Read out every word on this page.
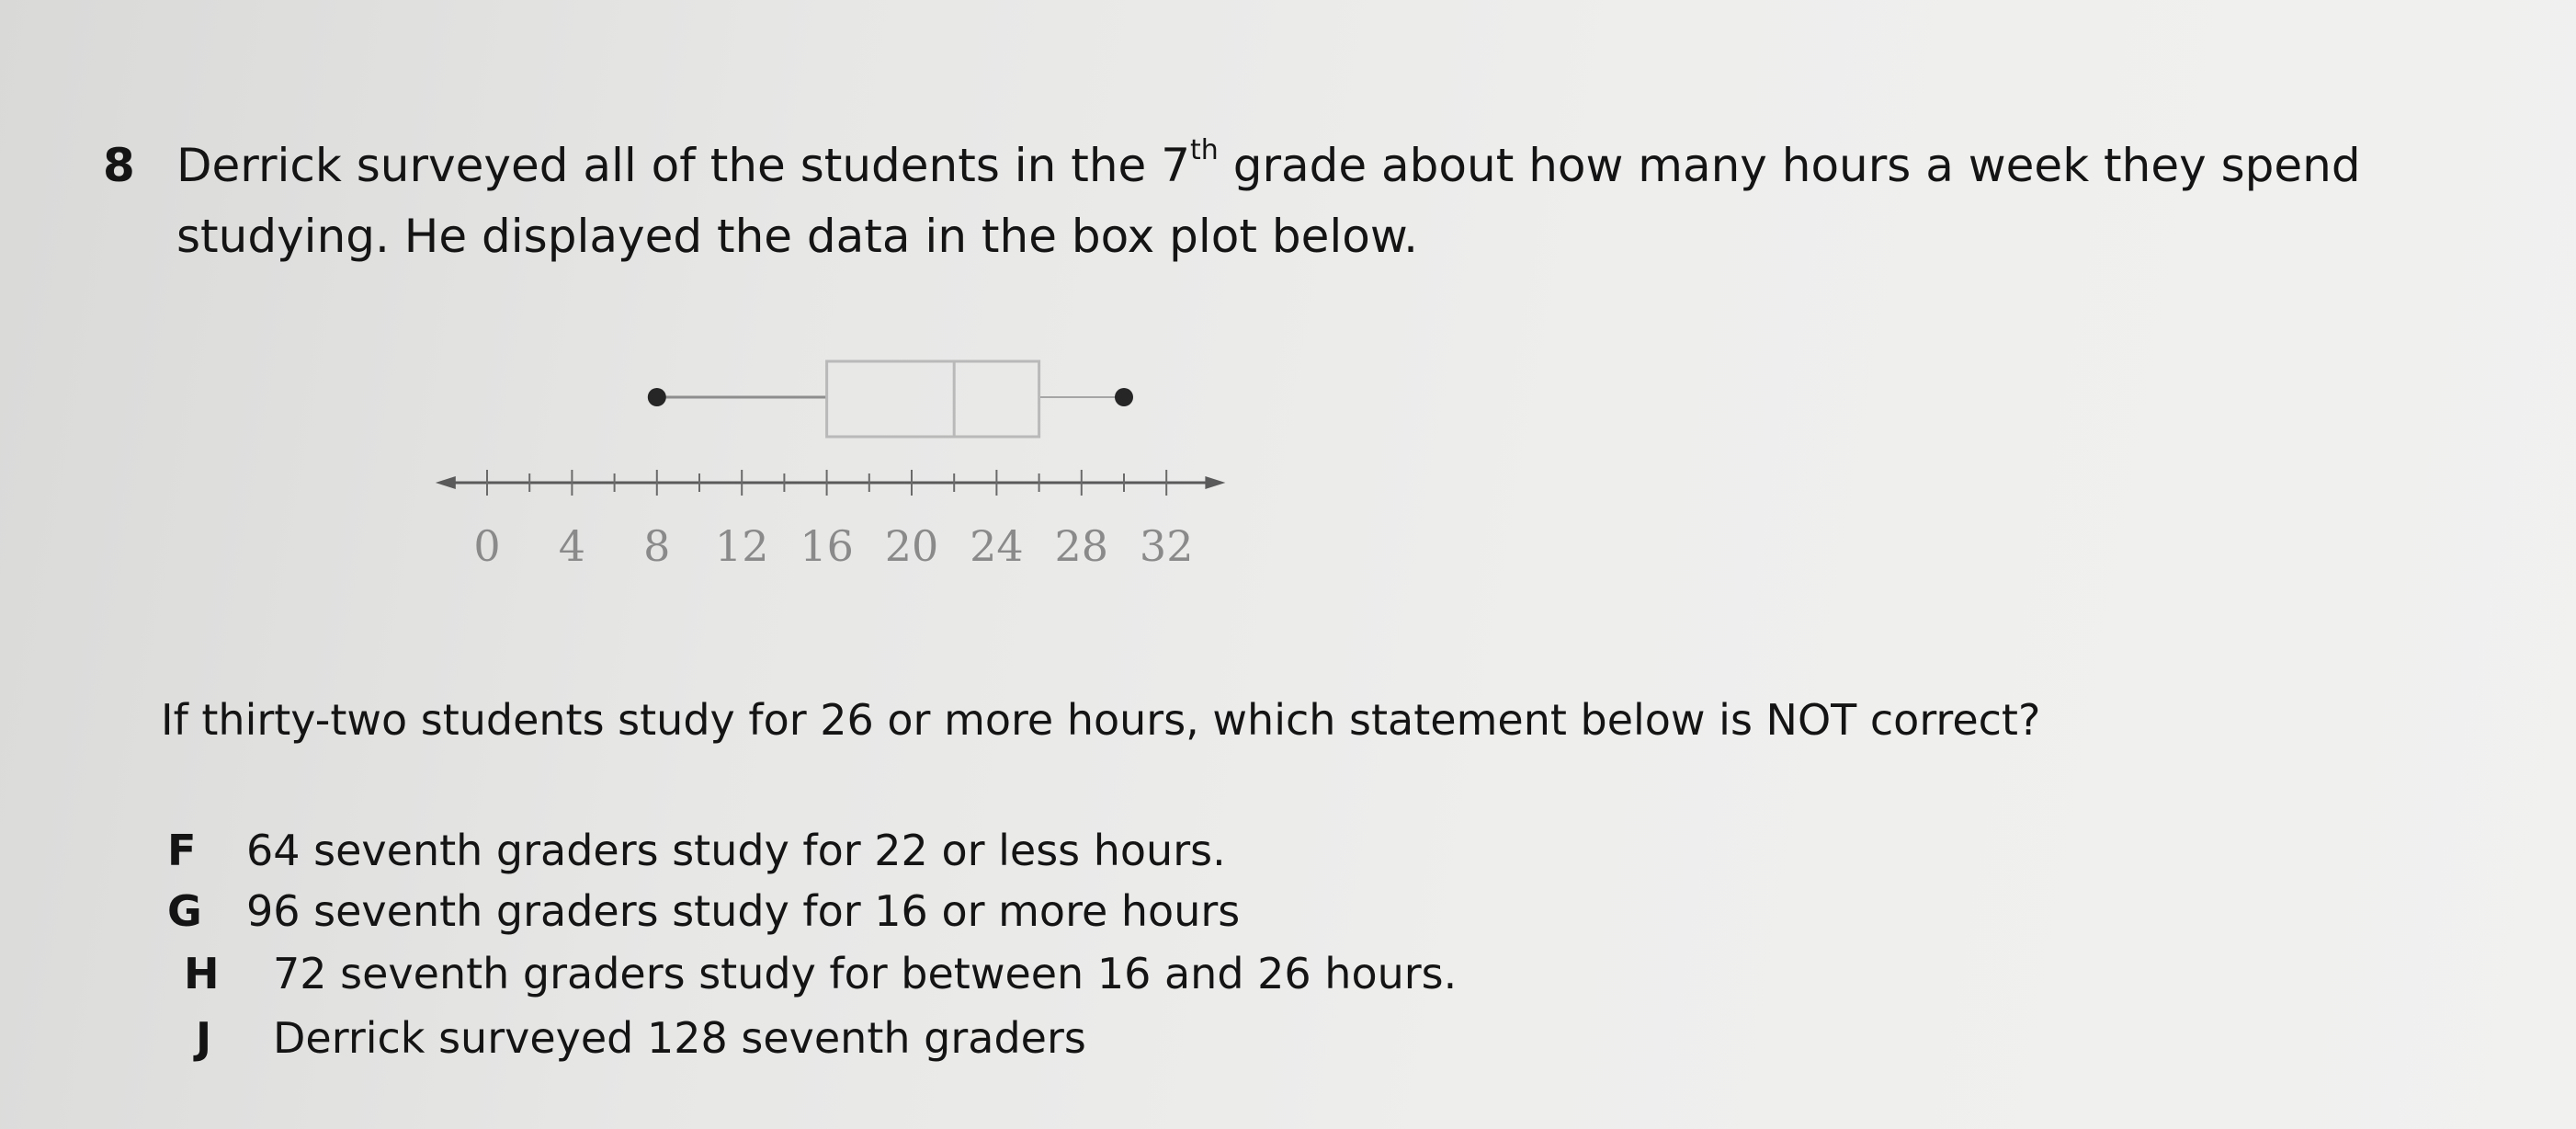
8 Derrick surveyed all of the students in the 7th grade about how many hours a week they spend
studying. He displayed the data in the box plot below.
0 4 8 12 16 20 24 28 32
If thirty-two students study for 26 or more hours, which statement below is NOT correct?
F 64 seventh graders study for 22 or less hours.
G 96 seventh graders study for 16 or more hours
H 72 seventh graders study for between 16 and 26 hours.
J Derrick surveyed 128 seventh graders
